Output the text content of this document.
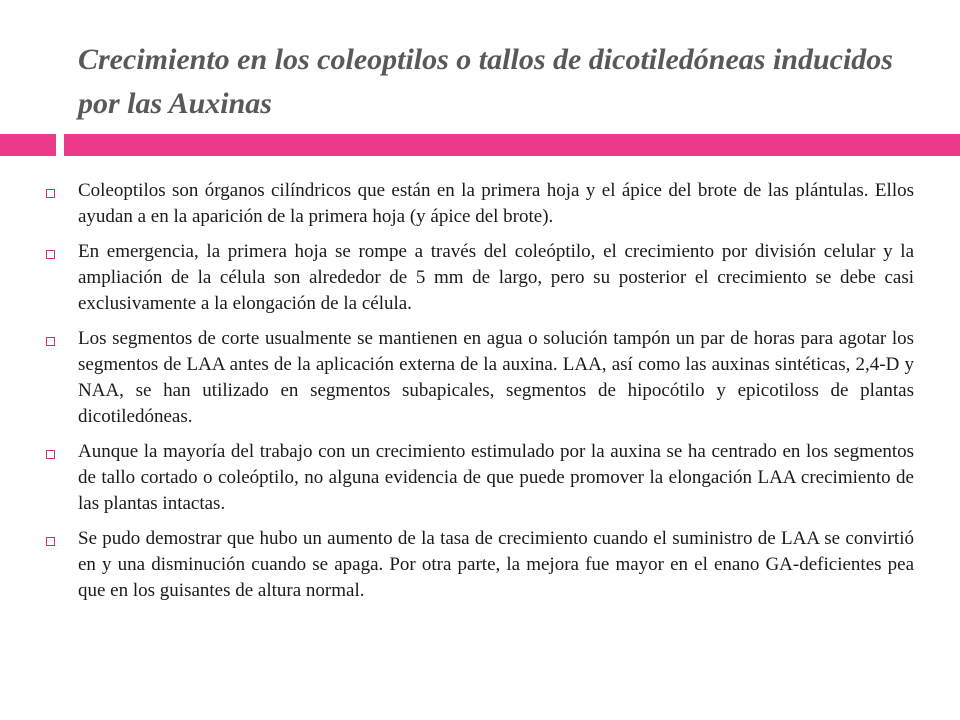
Crecimiento en los coleoptilos o tallos de dicotiledóneas inducidos por las Auxinas
Coleoptilos son órganos cilíndricos que están en la primera hoja y el ápice del brote de las plántulas. Ellos ayudan a en la aparición de la primera hoja (y ápice del brote).
En emergencia, la primera hoja se rompe a través del coleóptilo, el crecimiento por división celular y la ampliación de la célula son alrededor de 5 mm de largo, pero su posterior el crecimiento se debe casi exclusivamente a la elongación de la célula.
Los segmentos de corte usualmente se mantienen en agua o solución tampón un par de horas para agotar los segmentos de LAA antes de la aplicación externa de la auxina. LAA, así como las auxinas sintéticas, 2,4-D y NAA, se han utilizado en segmentos subapicales, segmentos de hipocótilo y epicotiloss de plantas dicotiledóneas.
Aunque la mayoría del trabajo con un crecimiento estimulado por la auxina se ha centrado en los segmentos de tallo cortado o coleóptilo, no alguna evidencia de que puede promover la elongación LAA crecimiento de las plantas intactas.
Se pudo demostrar que hubo un aumento de la tasa de crecimiento cuando el suministro de LAA se convirtió en y una disminución cuando se apaga. Por otra parte, la mejora fue mayor en el enano GA-deficientes pea que en los guisantes de altura normal.
